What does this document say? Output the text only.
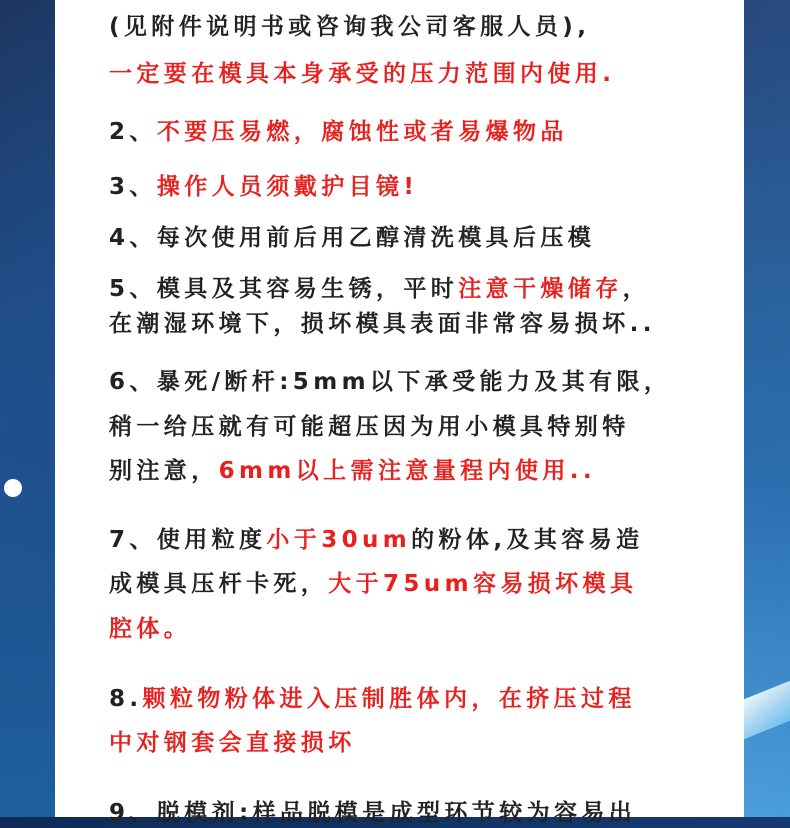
(见附件说明书或咨询我公司客服人员),

一定要在模具本身承受的压力范围内使用.

2、不要压易燃，腐蚀性或者易爆物品

3、操作人员须戴护目镜!

4、每次使用前后用乙醇清洗模具后压模

5、模具及其容易生锈，平时注意干燥储存，

在潮湿环境下，损坏模具表面非常容易损坏..

6、暴死/断杆:5mm以下承受能力及其有限，

稍一给压就有可能超压因为用小模具特别特

别注意，6mm以上需注意量程内使用..

7、使用粒度小于30um的粉体,及其容易造

成模具压杆卡死，大于75um容易损坏模具

腔体。

8.颗粒物粉体进入压制胜体内，在挤压过程

中对钢套会直接损坏

9、脱模剂:样品脱模是成型环节较为容易出
